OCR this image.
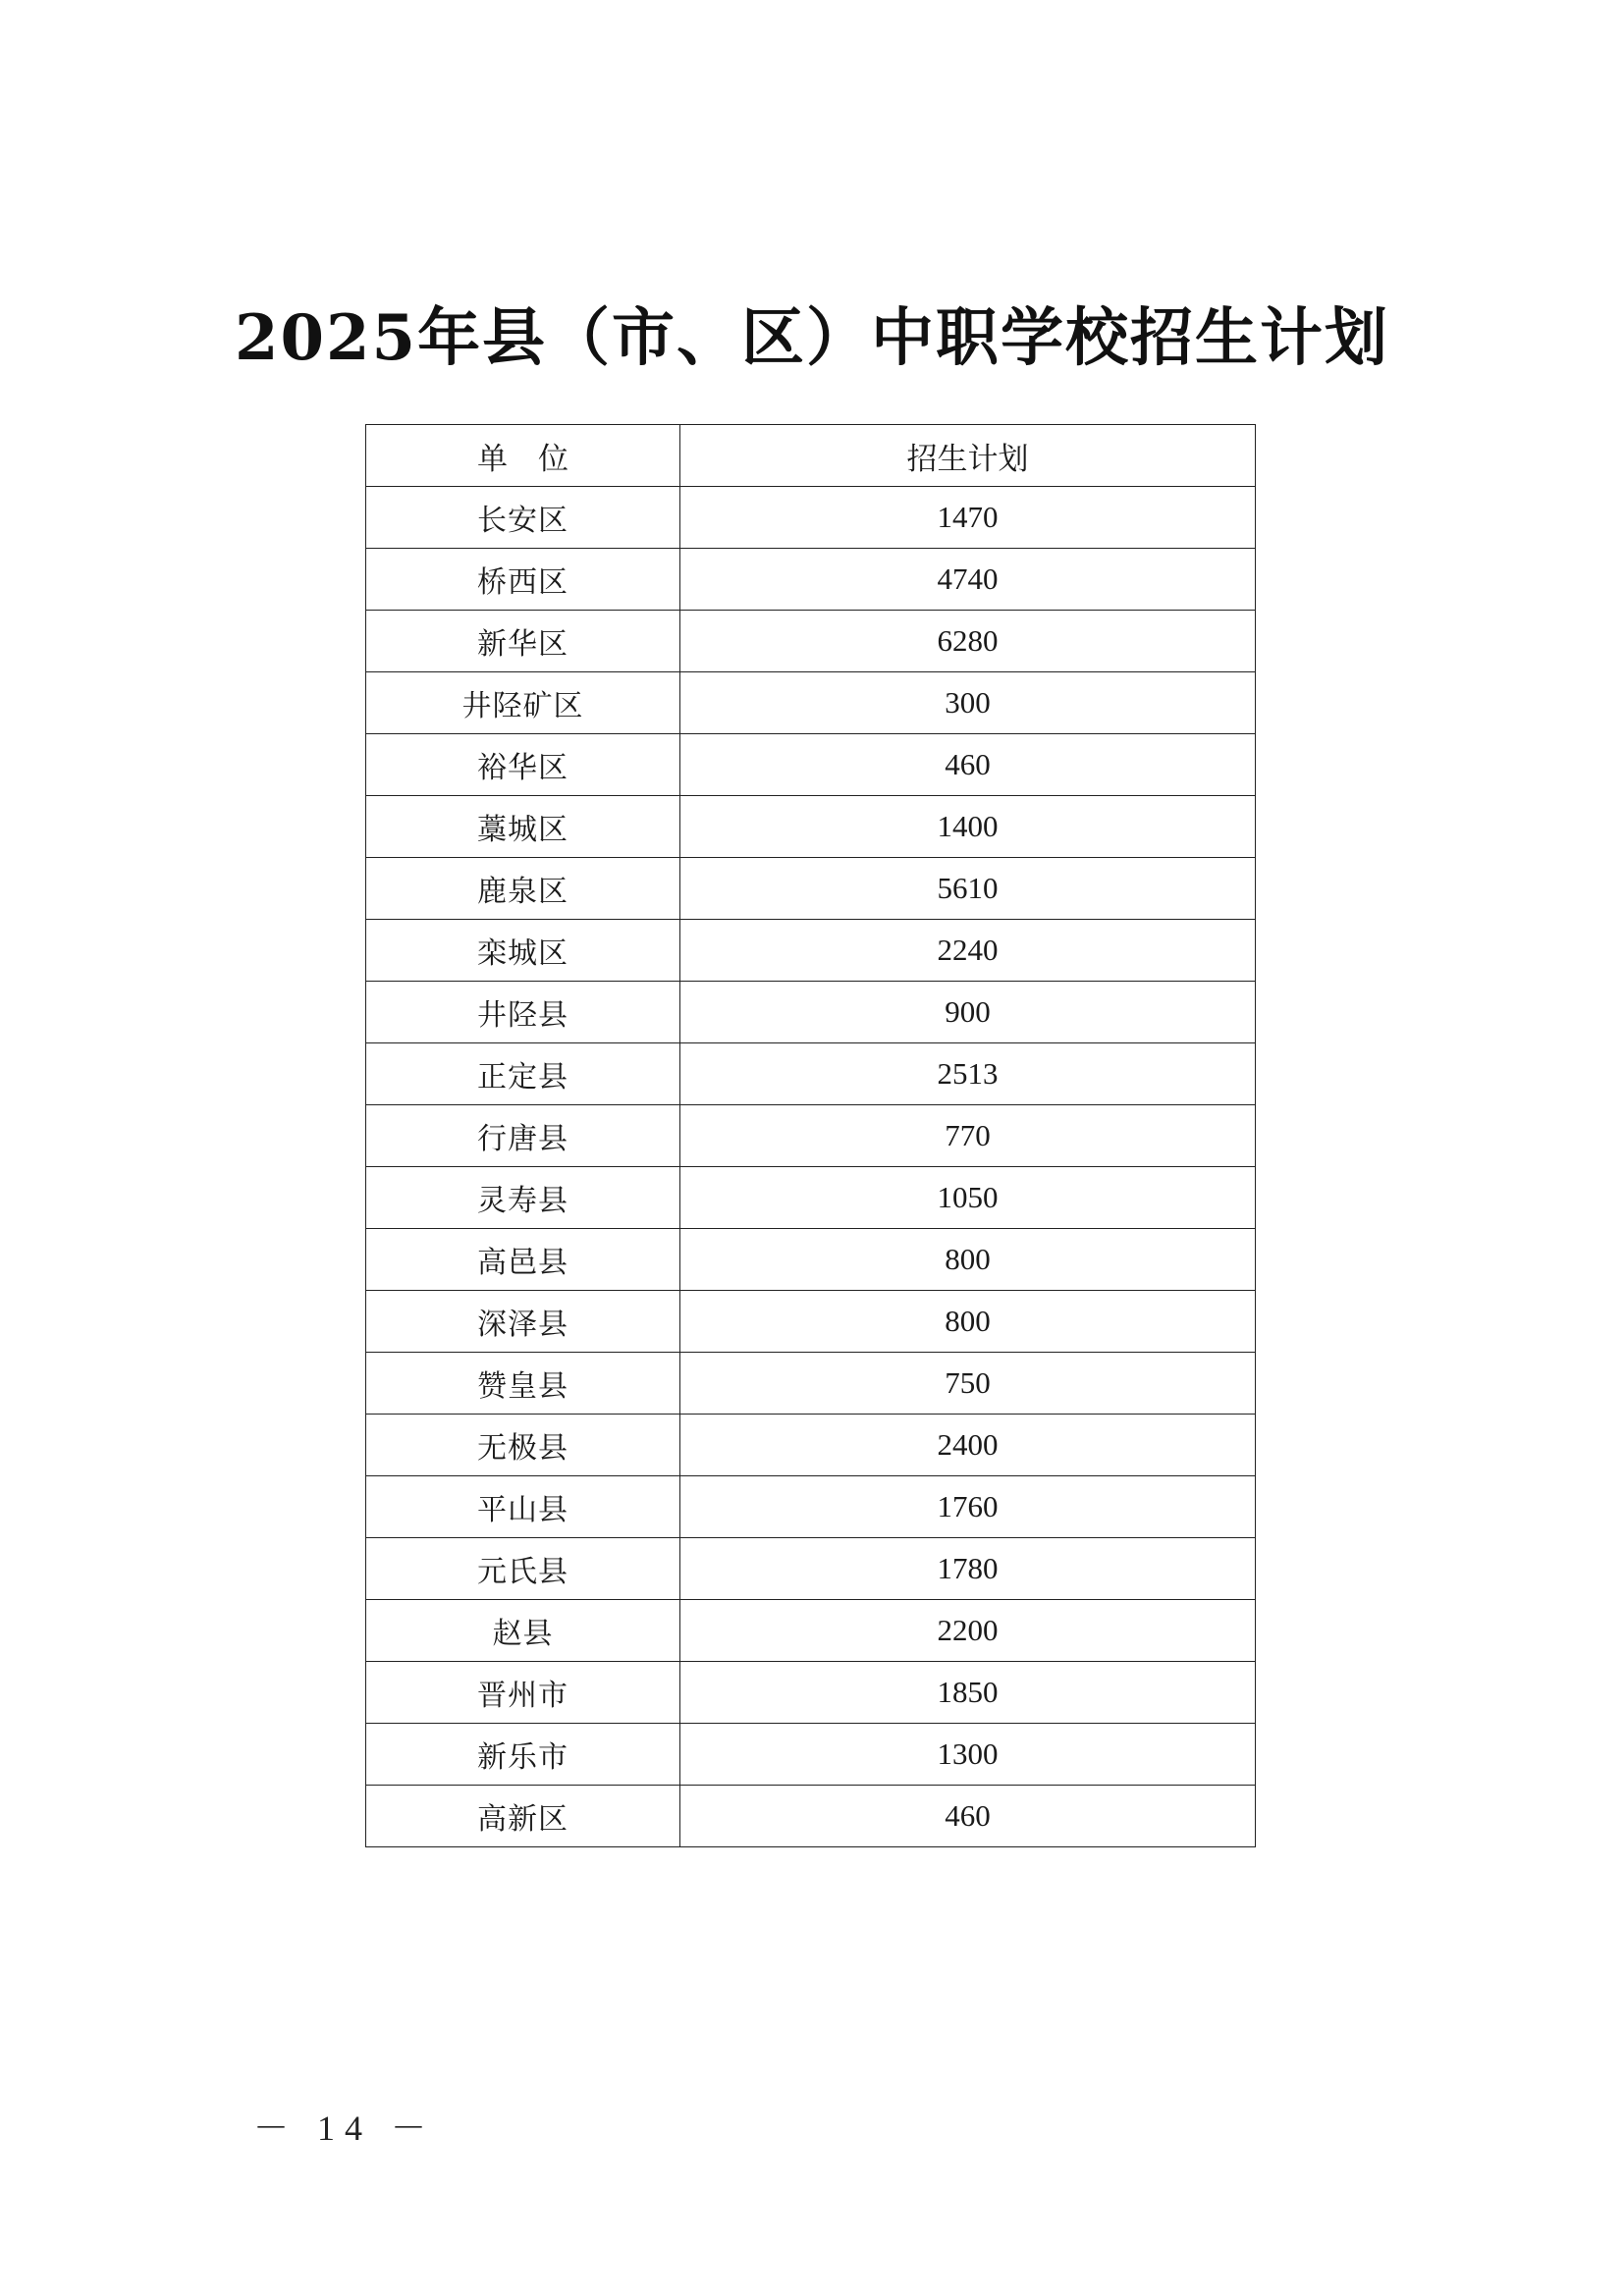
2025年县（市、区）中职学校招生计划
单　位	招生计划
长安区	1470
桥西区	4740
新华区	6280
井陉矿区	300
裕华区	460
藁城区	1400
鹿泉区	5610
栾城区	2240
井陉县	900
正定县	2513
行唐县	770
灵寿县	1050
高邑县	800
深泽县	800
赞皇县	750
无极县	2400
平山县	1760
元氏县	1780
赵县	2200
晋州市	1850
新乐市	1300
高新区	460
－ 14 －
